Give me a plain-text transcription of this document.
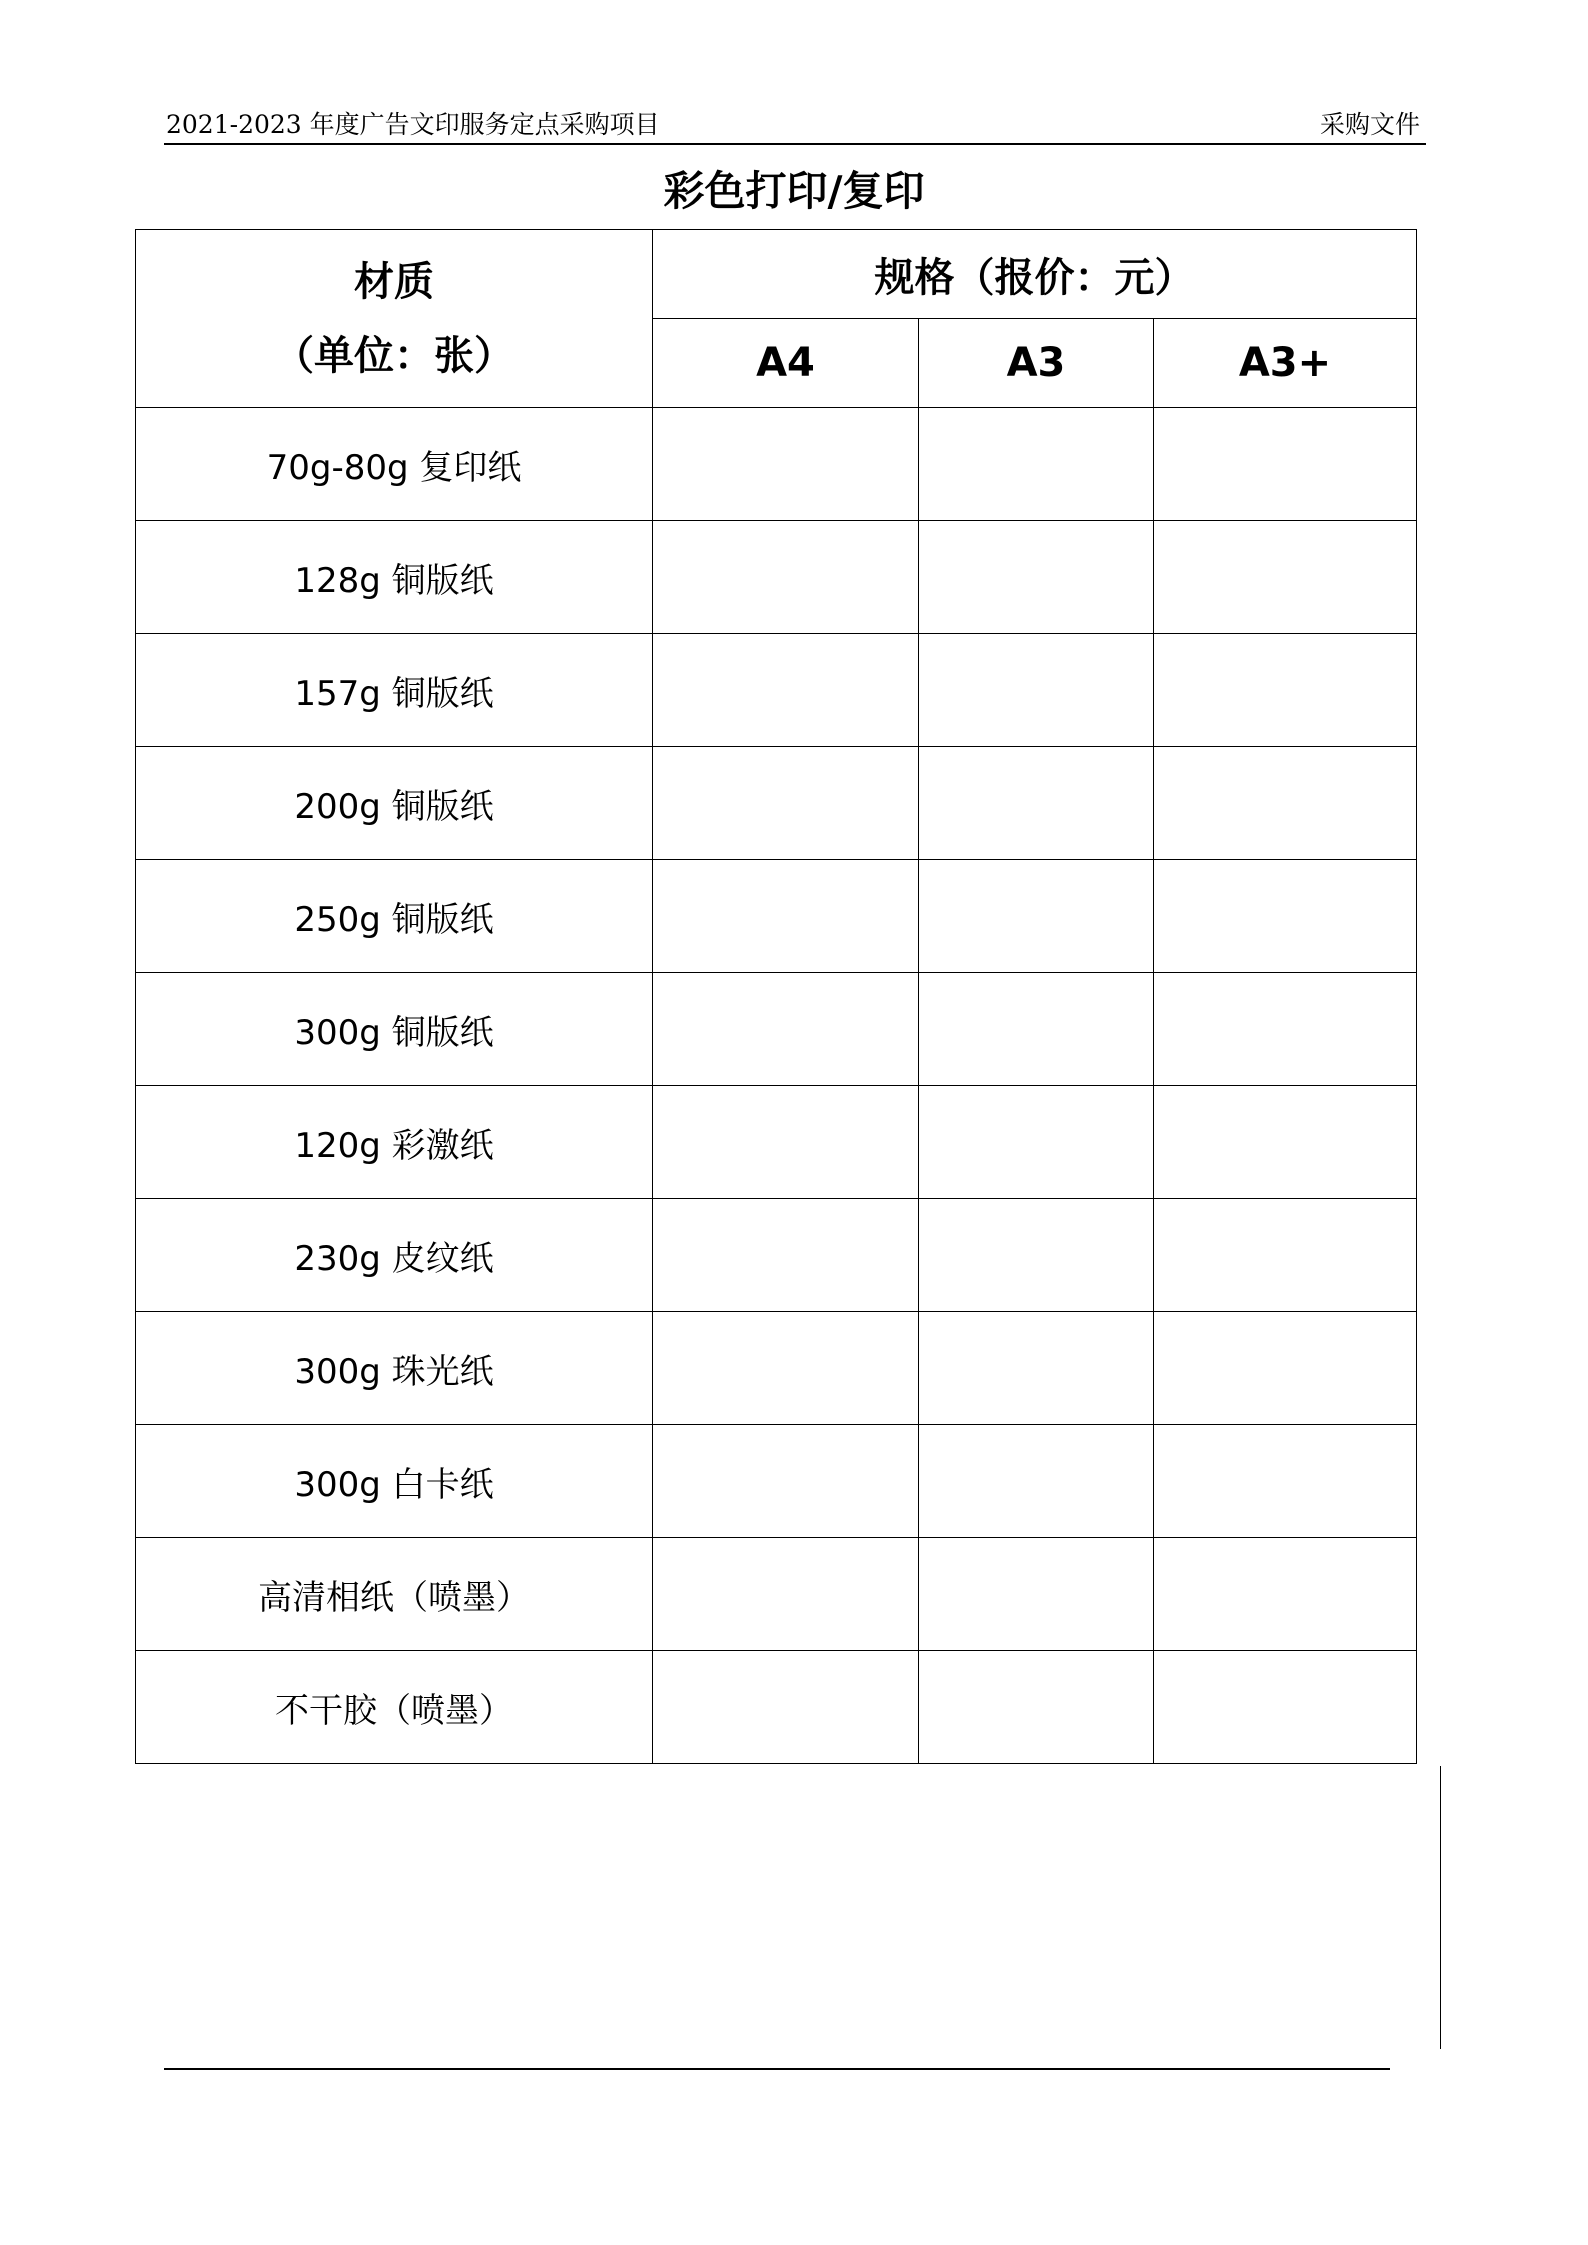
2021-2023 年度广告文印服务定点采购项目	采购文件
彩色打印/复印
材质
（单位：张）	规格（报价：元）		
	A4	A3	A3+
70g-80g 复印纸			
128g 铜版纸			
157g 铜版纸			
200g 铜版纸			
250g 铜版纸			
300g 铜版纸			
120g 彩激纸			
230g 皮纹纸			
300g 珠光纸			
300g 白卡纸			
高清相纸（喷墨）			
不干胶（喷墨）			
